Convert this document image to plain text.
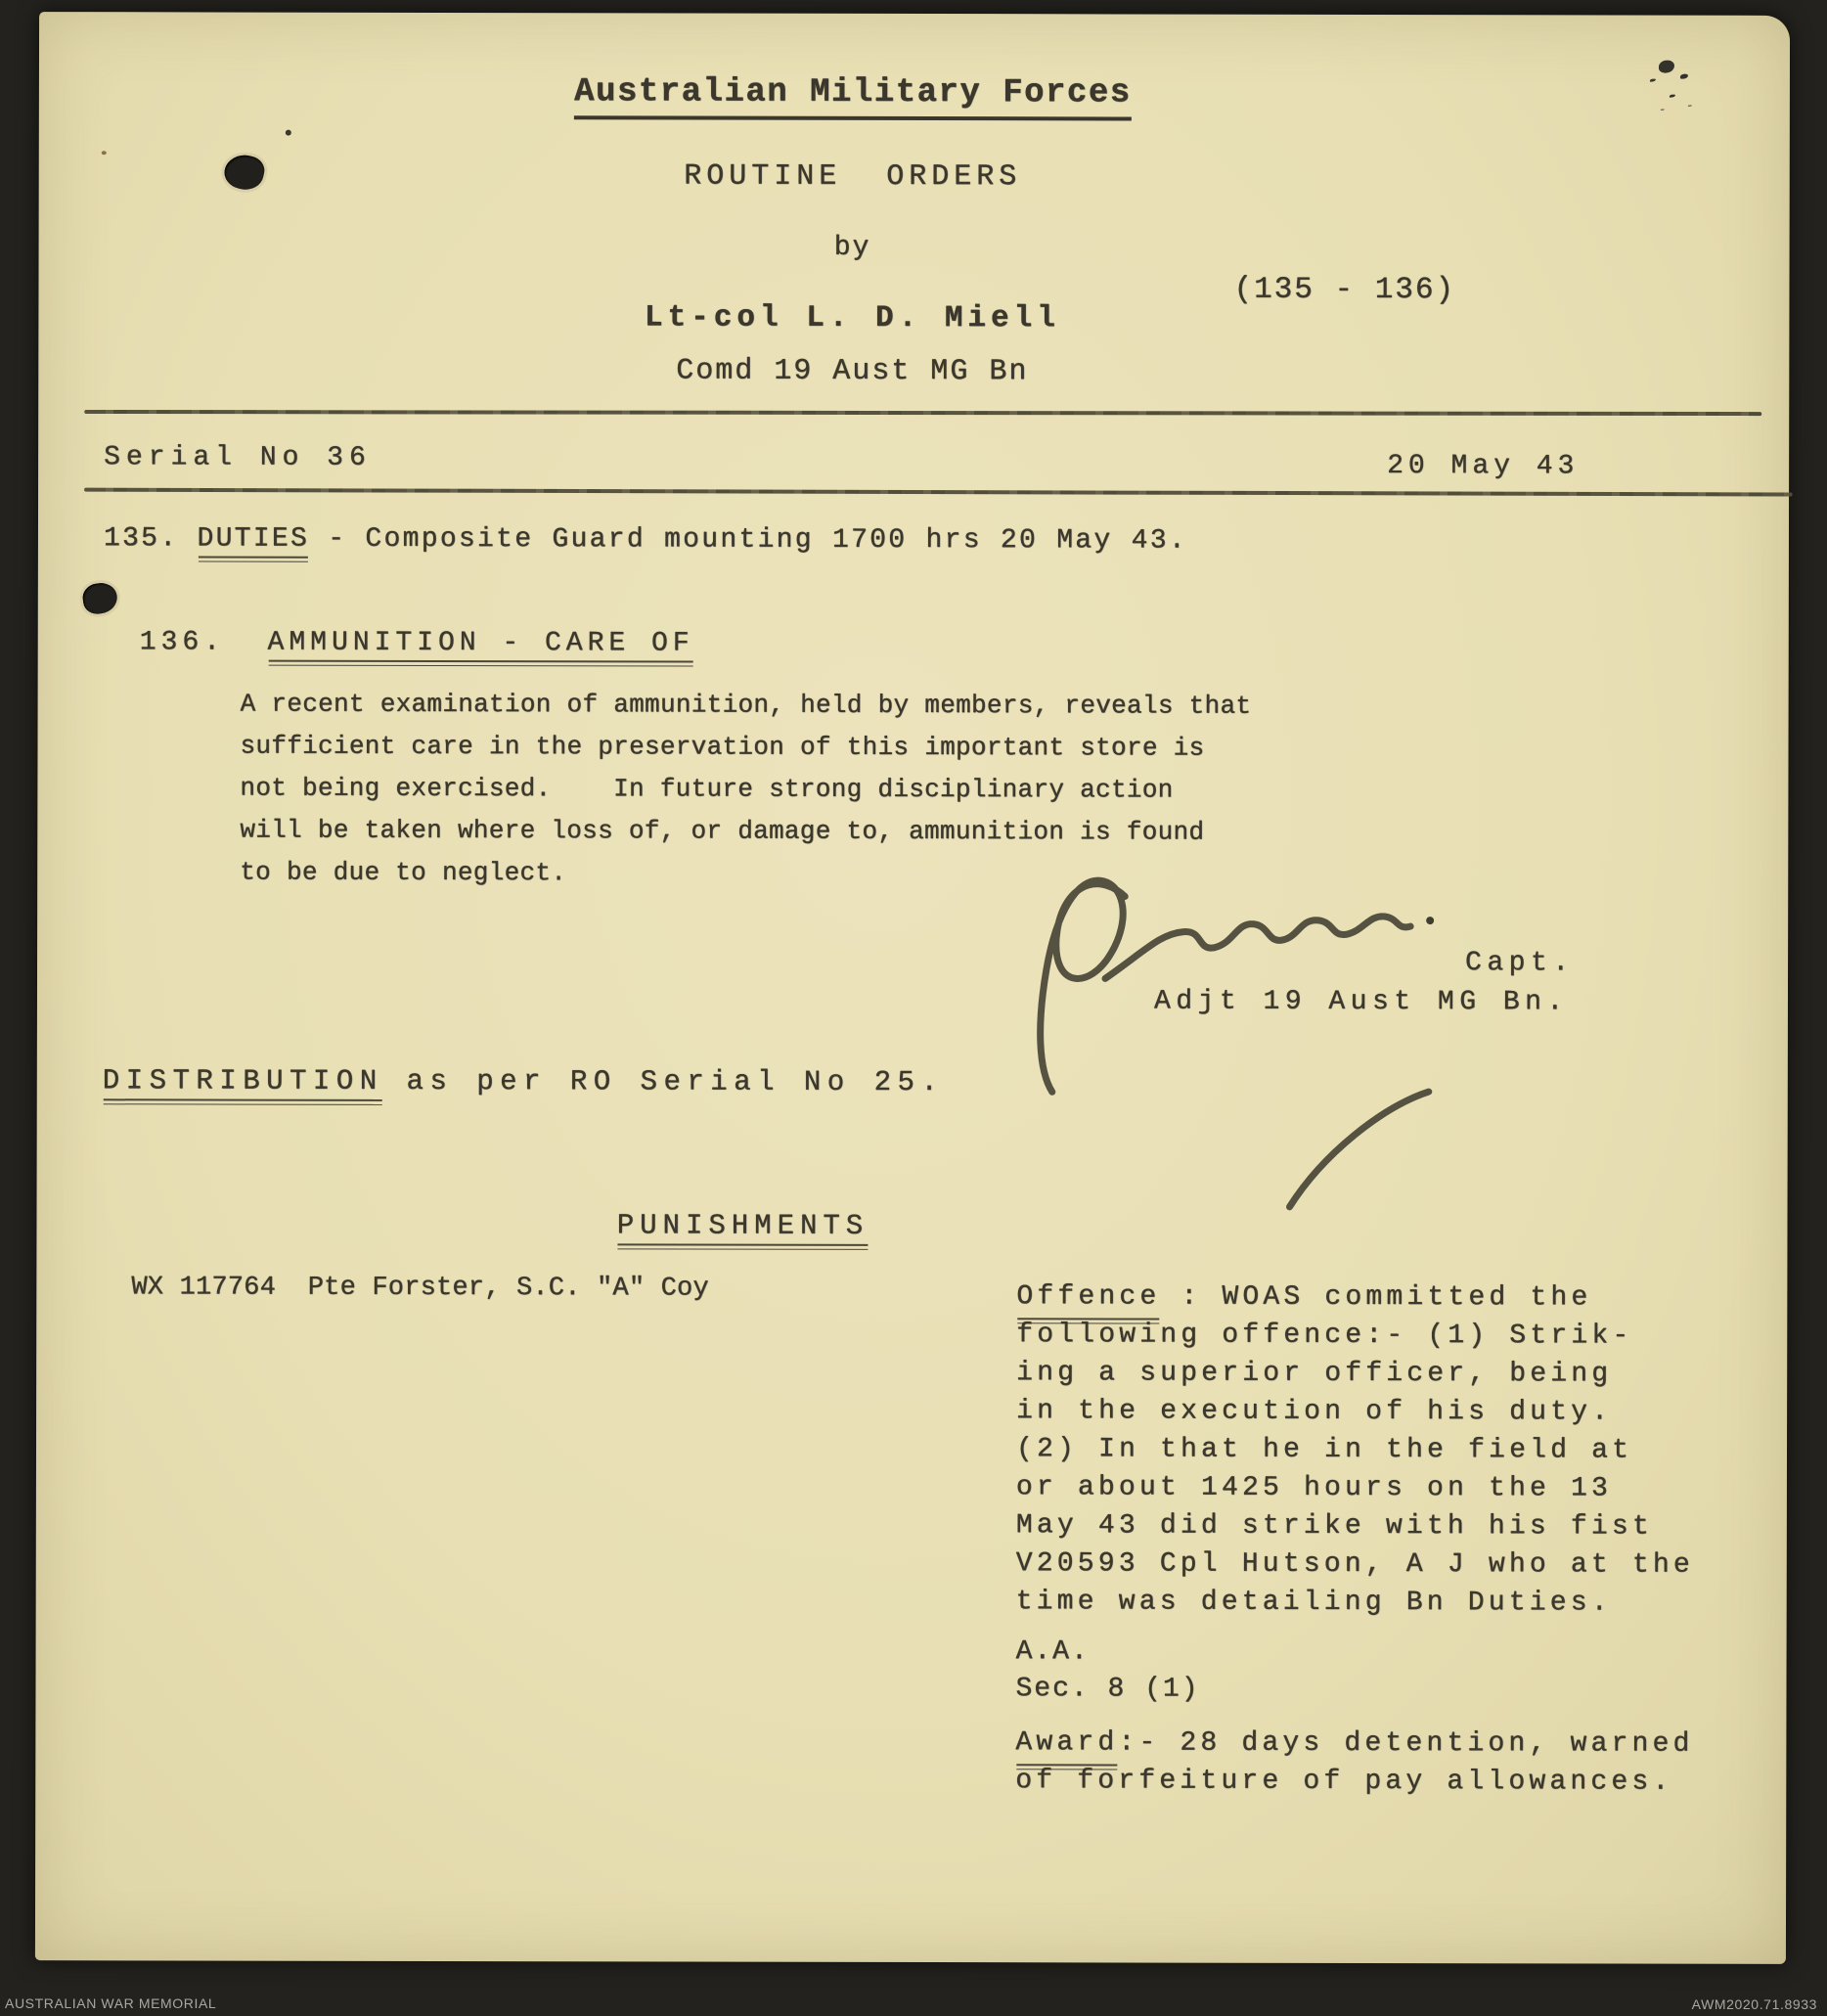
Australian Military Forces
ROUTINE  ORDERS
by
Lt-col L. D. Miell
Comd 19 Aust MG Bn
(135 - 136)
Serial No 36	20 May 43
135. DUTIES - Composite Guard mounting 1700 hrs 20 May 43.
136. AMMUNITION - CARE OF
A recent examination of ammunition, held by members, reveals that
sufficient care in the preservation of this important store is
not being exercised.    In future strong disciplinary action
will be taken where loss of, or damage to, ammunition is found
to be due to neglect.
Capt.
Adjt 19 Aust MG Bn.
DISTRIBUTION as per RO Serial No 25.
PUNISHMENTS
WX 117764  Pte Forster, S.C. "A" Coy	Offence : WOAS committed the
following offence:- (1) Strik-
ing a superior officer, being
in the execution of his duty.
(2) In that he in the field at
or about 1425 hours on the 13
May 43 did strike with his fist
V20593 Cpl Hutson, A J who at the
time was detailing Bn Duties.
A.A.
Sec. 8 (1)
Award:- 28 days detention, warned
of forfeiture of pay allowances.
AUSTRALIAN WAR MEMORIAL	AWM2020.71.8933
